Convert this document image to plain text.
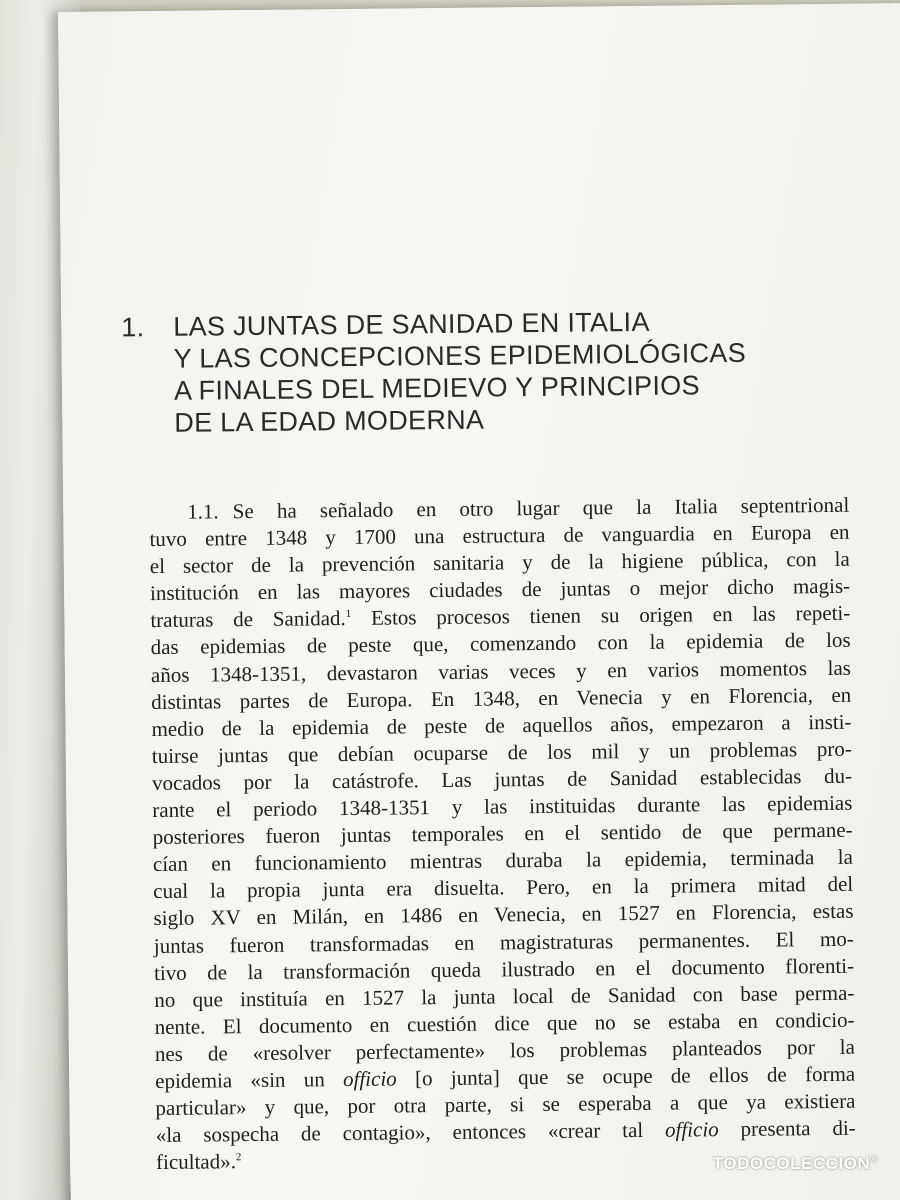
1. LAS JUNTAS DE SANIDAD EN ITALIA
Y LAS CONCEPCIONES EPIDEMIOLÓGICAS
A FINALES DEL MEDIEVO Y PRINCIPIOS
DE LA EDAD MODERNA
1.1. Se ha señalado en otro lugar que la Italia septentrional
tuvo entre 1348 y 1700 una estructura de vanguardia en Europa en
el sector de la prevención sanitaria y de la higiene pública, con la
institución en las mayores ciudades de juntas o mejor dicho magis-
traturas de Sanidad.$^1$ Estos procesos tienen su origen en las repeti-
das epidemias de peste que, comenzando con la epidemia de los
años 1348-1351, devastaron varias veces y en varios momentos las
distintas partes de Europa. En 1348, en Venecia y en Florencia, en
medio de la epidemia de peste de aquellos años, empezaron a insti-
tuirse juntas que debían ocuparse de los mil y un problemas pro-
vocados por la catástrofe. Las juntas de Sanidad establecidas du-
rante el periodo 1348-1351 y las instituidas durante las epidemias
posteriores fueron juntas temporales en el sentido de que permane-
cían en funcionamiento mientras duraba la epidemia, terminada la
cual la propia junta era disuelta. Pero, en la primera mitad del
siglo XV en Milán, en 1486 en Venecia, en 1527 en Florencia, estas
juntas fueron transformadas en magistraturas permanentes. El mo-
tivo de la transformación queda ilustrado en el documento florenti-
no que instituía en 1527 la junta local de Sanidad con base perma-
nente. El documento en cuestión dice que no se estaba en condicio-
nes de «resolver perfectamente» los problemas planteados por la
epidemia «sin un officio [o junta] que se ocupe de ellos de forma
particular» y que, por otra parte, si se esperaba a que ya existiera
«la sospecha de contagio», entonces «crear tal officio presenta di-
ficultad».$^2$	TODOCOLECCION®
